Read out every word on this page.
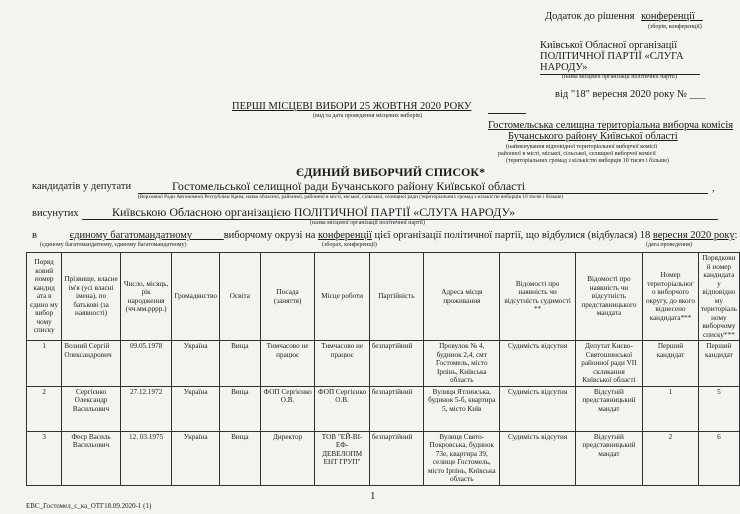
Додаток до рішення конференції
(зборів, конференції)
Київської Обласної організації
ПОЛІТИЧНОЇ ПАРТІЇ «СЛУГА
НАРОДУ»
(назва місцевої організації політичної партії)
від "18" вересня 2020 року № ___
ПЕРШІ МІСЦЕВІ ВИБОРИ 25 ЖОВТНЯ 2020 РОКУ
(вид та дата проведення місцевих виборів)
Гостомельська селищна територіальна виборча комісія
Бучанського району Київської області
(найменування відповідної територіальної виборчої комісії
районної в місті, міської, сільської, селищної виборчої комісії
(територіальних громад з кількістю виборців 10 тисяч і більше)
ЄДИНИЙ ВИБОРЧИЙ СПИСОК*
кандидатів у депутати	Гостомельської селищної ради Бучанського району Київської області	,
(Верховної Ради Автономної Республіки Крим, назва обласної, районної, районної в місті, міської, сільської, селищної ради (територіальних громад з кількістю виборців 10 тисяч і більше)
висунутих	Київською Обласною організацією ПОЛІТИЧНОЇ ПАРТІЇ «СЛУГА НАРОДУ»
(назва місцевої організації політичної партії)
в	єдиному багатомандатному______виборчому окрузі на конференції цієї організації політичної партії, що відбулися (відбулася) 18 вересня 2020 року:
(єдиному багатомандатному, єдиному багатомандатному)	(зборах, конференції)	(дата проведення)
Поряд ковий номер кандид ата в єдино му вибор чому списку	Прізвище, власне ім'я (усі власні імена), по батькові (за наявності)	Число, місяць, рік народження (чч.мм.рррр.)	Громадянство	Освіта	Посада (заняття)	Місце роботи	Партійність	Адреса місця проживання	Відомості про наявність чи відсутність судимості **	Відомості про наявність чи відсутність представницького мандата	Номер територіальног о виборчого округу, до якого віднесено кандидата***	Порядкови й номер кандидата у відповідно му територіаль ному виборчому списку***
1	Возний Сергій Олександрович	09.05.1978	Україна	Вища	Тимчасово не працює	Тимчасово не працює	безпартійний	Провулок № 4, будинок 2,4, смт Гостомель, місто Ірпінь, Київська область	Судимість відсутня	Депутат Києво-Святошинської районної ради VII скликання Київської області	Перший кандидат	Перший кандидат
2	Сергієнко Олександр Васильович	27.12.1972	Україна	Вища	ФОП Сергієнко О.В.	ФОП Сергієнко О.В.	безпартійний	Вулиця Ятлинська, будинок 5-б, квартира 5, місто Київ	Судимість відсутня	Відсутній представницький мандат	1	5
3	Феєр Василь Васильович	12. 03.1975	Україна	Вища	Директор	ТОВ "ЕЙ-ВІ-ЕФ-ДЕВЕЛОПМ ЕНТ ГРУП"	безпартійний	Вулиця Свято-Покровська, будинок 73е, квартира 39, селище Гостомель, місто Ірпінь, Київська область	Судимість відсутня	Відсутній представницький мандат	2	6
ЕВС_Гостомел_с_ка_ОТГ18.09.2020-1 (1)
1
